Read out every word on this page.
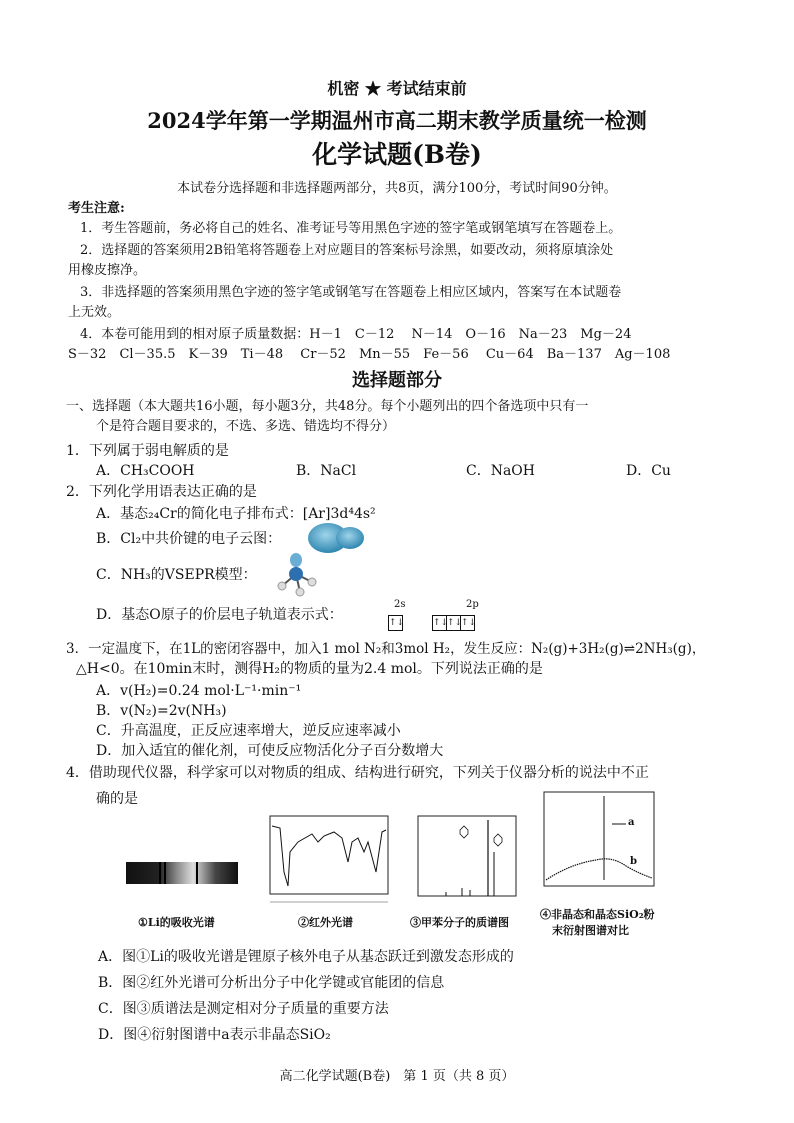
机密 ★ 考试结束前
2024学年第一学期温州市高二期末教学质量统一检测
化学试题(B卷)
本试卷分选择题和非选择题两部分，共8页，满分100分，考试时间90分钟。
考生注意:
1．考生答题前，务必将自己的姓名、准考证号等用黑色字迹的签字笔或钢笔填写在答题卷上。
2．选择题的答案须用2B铅笔将答题卷上对应题目的答案标号涂黑，如要改动，须将原填涂处
用橡皮擦净。
3．非选择题的答案须用黑色字迹的签字笔或钢笔写在答题卷上相应区域内，答案写在本试题卷
上无效。
4．本卷可能用到的相对原子质量数据：H－1　C－12　 N－14　O－16　Na－23　Mg－24
S－32　Cl－35.5　K－39　Ti－48　 Cr－52　Mn－55　Fe－56　 Cu－64　Ba－137　Ag－108
选择题部分
一、选择题（本大题共16小题，每小题3分，共48分。每个小题列出的四个备选项中只有一
个是符合题目要求的，不选、多选、错选均不得分）
1．下列属于弱电解质的是
A．CH₃COOH	B．NaCl	C．NaOH	D．Cu
2．下列化学用语表达正确的是
A．基态₂₄Cr的简化电子排布式：[Ar]3d⁴4s²
B．Cl₂中共价键的电子云图：
C．NH₃的VSEPR模型：
D．基态O原子的价层电子轨道表示式：
2s
↑↓
2p
↑↓↑↓↑↓
3．一定温度下，在1L的密闭容器中，加入1 mol N₂和3mol H₂，发生反应：N₂(g)+3H₂(g)⇌2NH₃(g)，
△H<0。在10min末时，测得H₂的物质的量为2.4 mol。下列说法正确的是
A．v(H₂)=0.24 mol·L⁻¹·min⁻¹
B．v(N₂)=2v(NH₃)
C．升高温度，正反应速率增大，逆反应速率减小
D．加入适宜的催化剂，可使反应物活化分子百分数增大
4．借助现代仪器，科学家可以对物质的组成、结构进行研究，下列关于仪器分析的说法中不正
确的是
①Li的吸收光谱	②红外光谱	③甲苯分子的质谱图
a
b
④非晶态和晶态SiO₂粉
末衍射图谱对比
A．图①Li的吸收光谱是锂原子核外电子从基态跃迁到激发态形成的
B．图②红外光谱可分析出分子中化学键或官能团的信息
C．图③质谱法是测定相对分子质量的重要方法
D．图④衍射图谱中a表示非晶态SiO₂
高二化学试题(B卷)　第 1 页（共 8 页）
